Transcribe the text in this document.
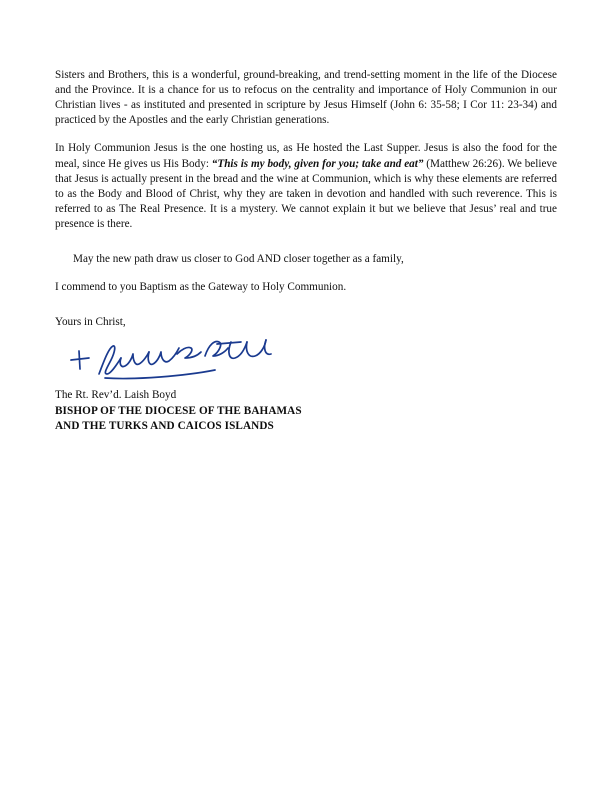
Sisters and Brothers, this is a wonderful, ground-breaking, and trend-setting moment in the life of the Diocese and the Province. It is a chance for us to refocus on the centrality and importance of Holy Communion in our Christian lives - as instituted and presented in scripture by Jesus Himself (John 6: 35-58; I Cor 11: 23-34) and practiced by the Apostles and the early Christian generations.

In Holy Communion Jesus is the one hosting us, as He hosted the Last Supper. Jesus is also the food for the meal, since He gives us His Body: “This is my body, given for you; take and eat” (Matthew 26:26). We believe that Jesus is actually present in the bread and the wine at Communion, which is why these elements are referred to as the Body and Blood of Christ, why they are taken in devotion and handled with such reverence. This is referred to as The Real Presence. It is a mystery. We cannot explain it but we believe that Jesus’ real and true presence is there.

May the new path draw us closer to God AND closer together as a family,

I commend to you Baptism as the Gateway to Holy Communion.

Yours in Christ,

The Rt. Rev’d. Laish Boyd

BISHOP OF THE DIOCESE OF THE BAHAMAS

AND THE TURKS AND CAICOS ISLANDS
